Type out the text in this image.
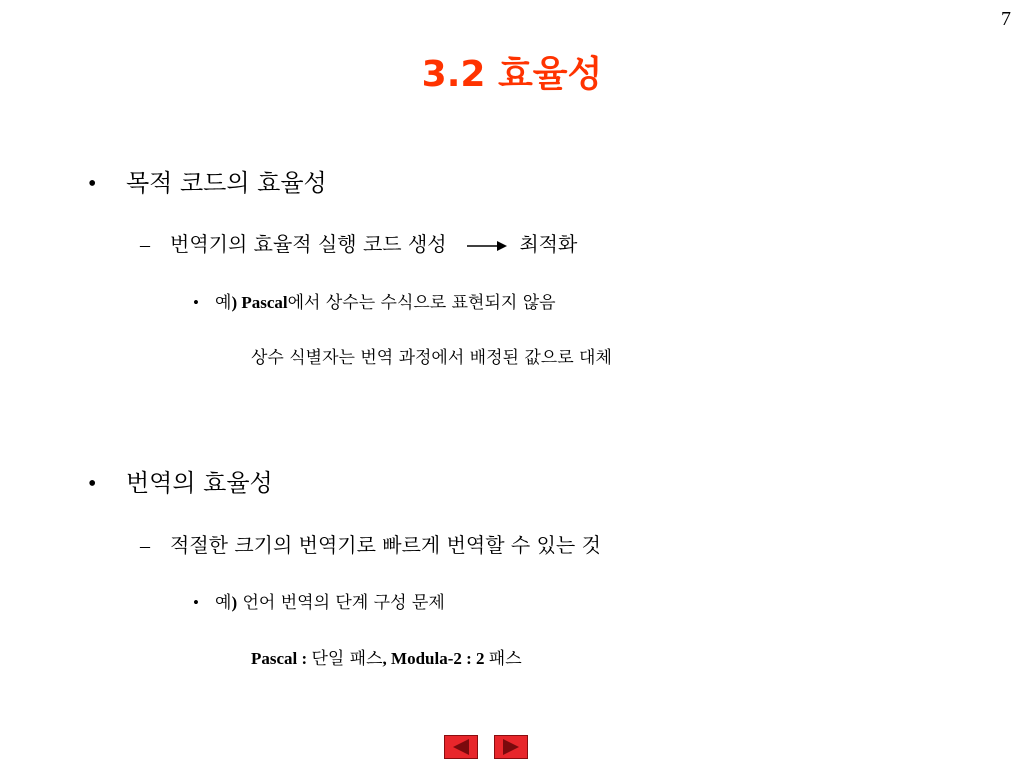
7
3.2 효율성
• 목적 코드의 효율성
– 번역기의 효율적 실행 코드 생성	최적화
• 예) Pascal에서 상수는 수식으로 표현되지 않음
상수 식별자는 번역 과정에서 배정된 값으로 대체
• 번역의 효율성
– 적절한 크기의 번역기로 빠르게 번역할 수 있는 것
• 예) 언어 번역의 단계 구성 문제
Pascal : 단일 패스, Modula-2 : 2 패스
